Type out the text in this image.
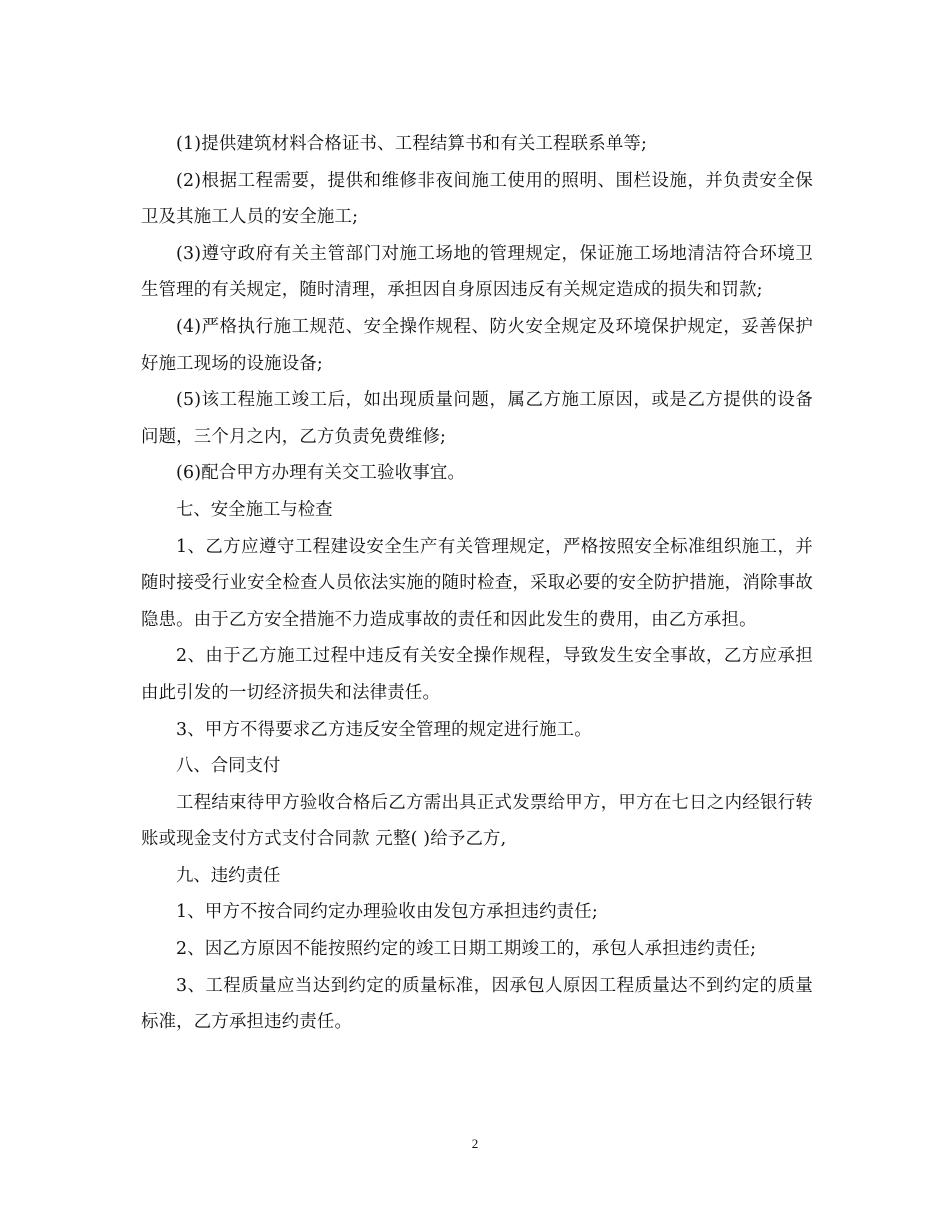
(1)提供建筑材料合格证书、工程结算书和有关工程联系单等;

(2)根据工程需要，提供和维修非夜间施工使用的照明、围栏设施，并负责安全保卫及其施工人员的安全施工;

(3)遵守政府有关主管部门对施工场地的管理规定，保证施工场地清洁符合环境卫生管理的有关规定，随时清理，承担因自身原因违反有关规定造成的损失和罚款;

(4)严格执行施工规范、安全操作规程、防火安全规定及环境保护规定，妥善保护好施工现场的设施设备;

(5)该工程施工竣工后，如出现质量问题，属乙方施工原因，或是乙方提供的设备问题，三个月之内，乙方负责免费维修;

(6)配合甲方办理有关交工验收事宜。

七、安全施工与检查

1、乙方应遵守工程建设安全生产有关管理规定，严格按照安全标准组织施工，并随时接受行业安全检查人员依法实施的随时检查，采取必要的安全防护措施，消除事故隐患。由于乙方安全措施不力造成事故的责任和因此发生的费用，由乙方承担。

2、由于乙方施工过程中违反有关安全操作规程，导致发生安全事故，乙方应承担由此引发的一切经济损失和法律责任。

3、甲方不得要求乙方违反安全管理的规定进行施工。

八、合同支付

工程结束待甲方验收合格后乙方需出具正式发票给甲方，甲方在七日之内经银行转账或现金支付方式支付合同款 元整( )给予乙方,

九、违约责任

1、甲方不按合同约定办理验收由发包方承担违约责任;

2、因乙方原因不能按照约定的竣工日期工期竣工的，承包人承担违约责任;

3、工程质量应当达到约定的质量标准，因承包人原因工程质量达不到约定的质量标准，乙方承担违约责任。

2
